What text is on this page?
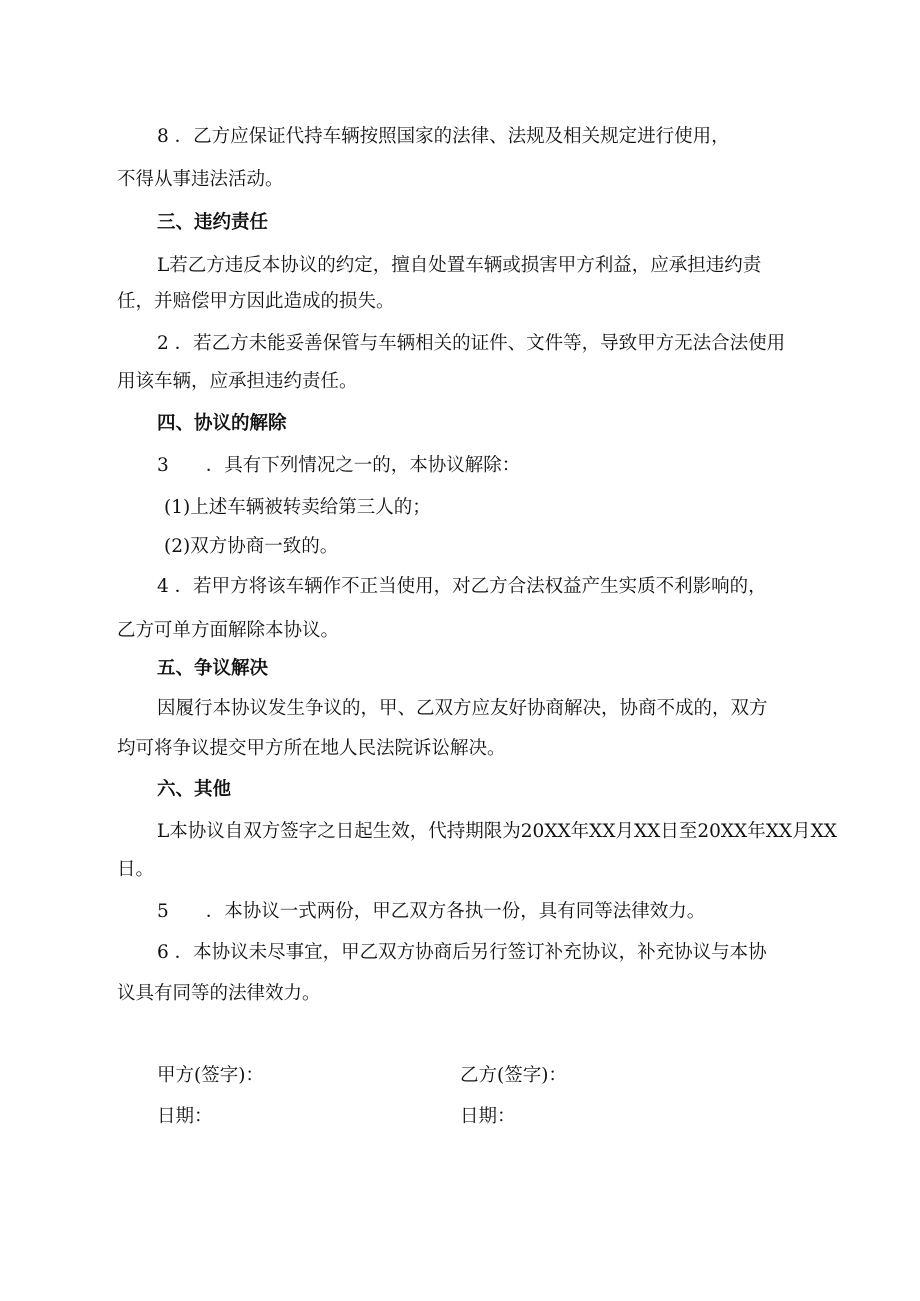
8 ．乙方应保证代持车辆按照国家的法律、法规及相关规定进行使用，
不得从事违法活动。
三、违约责任
L若乙方违反本协议的约定，擅自处置车辆或损害甲方利益，应承担违约责
任，并赔偿甲方因此造成的损失。
2 ．若乙方未能妥善保管与车辆相关的证件、文件等，导致甲方无法合法使用
用该车辆，应承担违约责任。
四、协议的解除
3　　．具有下列情况之一的，本协议解除：
(1)上述车辆被转卖给第三人的；
(2)双方协商一致的。
4 ．若甲方将该车辆作不正当使用，对乙方合法权益产生实质不利影响的，
乙方可单方面解除本协议。
五、争议解决
因履行本协议发生争议的，甲、乙双方应友好协商解决，协商不成的，双方
均可将争议提交甲方所在地人民法院诉讼解决。
六、其他
L本协议自双方签字之日起生效，代持期限为20XX年XX月XX日至20XX年XX月XX
日。
5　　．本协议一式两份，甲乙双方各执一份，具有同等法律效力。
6 ．本协议未尽事宜，甲乙双方协商后另行签订补充协议，补充协议与本协
议具有同等的法律效力。
甲方(签字)：	乙方(签字)：
日期：	日期：
